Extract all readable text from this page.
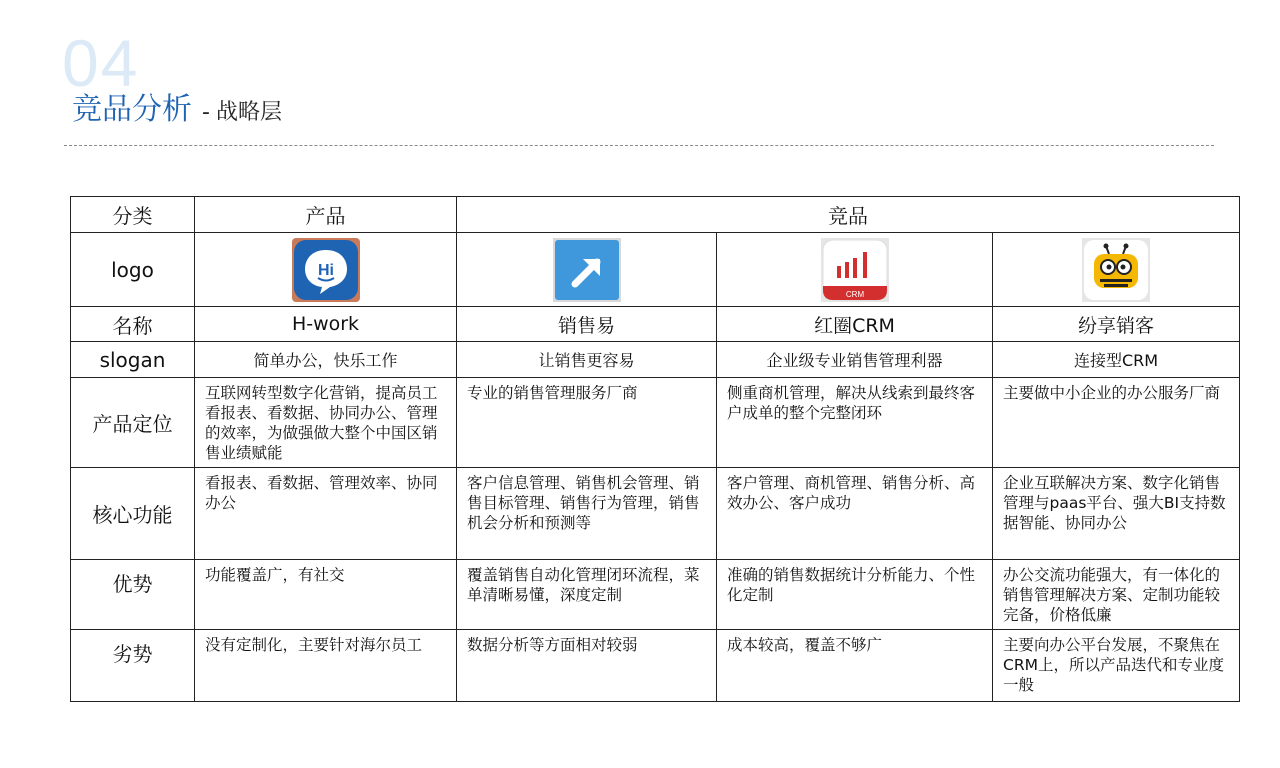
04
竞品分析 - 战略层
分类	产品	竞品		
logo	Hi		CRM

名称	H-work	销售易	红圈CRM	纷享销客
slogan	简单办公，快乐工作	让销售更容易	企业级专业销售管理利器	连接型CRM
产品定位	互联网转型数字化营销，提高员工看报表、看数据、协同办公、管理的效率，为做强做大整个中国区销售业绩赋能	专业的销售管理服务厂商	侧重商机管理，解决从线索到最终客户成单的整个完整闭环	主要做中小企业的办公服务厂商
核心功能	看报表、看数据、管理效率、协同办公	客户信息管理、销售机会管理、销售目标管理、销售行为管理，销售机会分析和预测等	客户管理、商机管理、销售分析、高效办公、客户成功	企业互联解决方案、数字化销售管理与paas平台、强大BI支持数据智能、协同办公
优势	功能覆盖广，有社交	覆盖销售自动化管理闭环流程，菜单清晰易懂，深度定制	准确的销售数据统计分析能力、个性化定制	办公交流功能强大，有一体化的销售管理解决方案、定制功能较完备，价格低廉
劣势	没有定制化，主要针对海尔员工	数据分析等方面相对较弱	成本较高，覆盖不够广	主要向办公平台发展，不聚焦在CRM上，所以产品迭代和专业度一般
